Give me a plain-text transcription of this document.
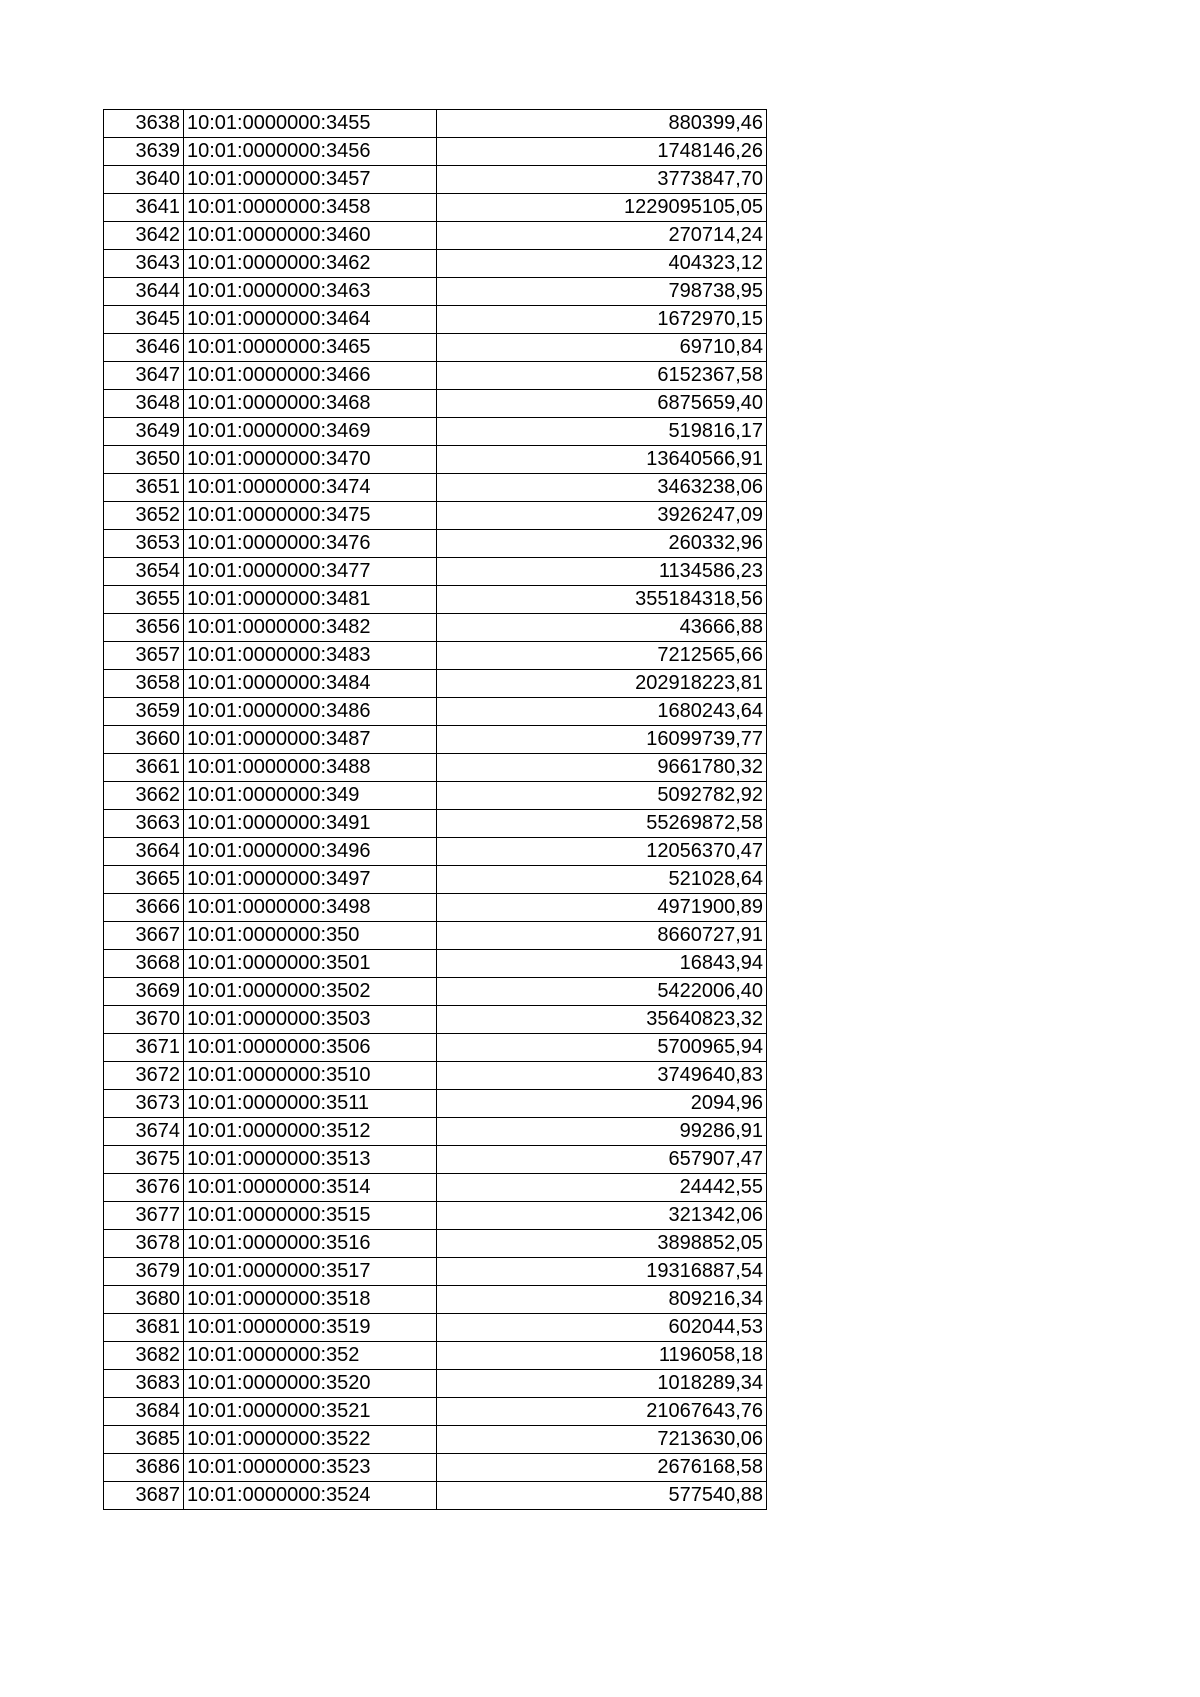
3638	10:01:0000000:3455	880399,46
3639	10:01:0000000:3456	1748146,26
3640	10:01:0000000:3457	3773847,70
3641	10:01:0000000:3458	1229095105,05
3642	10:01:0000000:3460	270714,24
3643	10:01:0000000:3462	404323,12
3644	10:01:0000000:3463	798738,95
3645	10:01:0000000:3464	1672970,15
3646	10:01:0000000:3465	69710,84
3647	10:01:0000000:3466	6152367,58
3648	10:01:0000000:3468	6875659,40
3649	10:01:0000000:3469	519816,17
3650	10:01:0000000:3470	13640566,91
3651	10:01:0000000:3474	3463238,06
3652	10:01:0000000:3475	3926247,09
3653	10:01:0000000:3476	260332,96
3654	10:01:0000000:3477	1134586,23
3655	10:01:0000000:3481	355184318,56
3656	10:01:0000000:3482	43666,88
3657	10:01:0000000:3483	7212565,66
3658	10:01:0000000:3484	202918223,81
3659	10:01:0000000:3486	1680243,64
3660	10:01:0000000:3487	16099739,77
3661	10:01:0000000:3488	9661780,32
3662	10:01:0000000:349	5092782,92
3663	10:01:0000000:3491	55269872,58
3664	10:01:0000000:3496	12056370,47
3665	10:01:0000000:3497	521028,64
3666	10:01:0000000:3498	4971900,89
3667	10:01:0000000:350	8660727,91
3668	10:01:0000000:3501	16843,94
3669	10:01:0000000:3502	5422006,40
3670	10:01:0000000:3503	35640823,32
3671	10:01:0000000:3506	5700965,94
3672	10:01:0000000:3510	3749640,83
3673	10:01:0000000:3511	2094,96
3674	10:01:0000000:3512	99286,91
3675	10:01:0000000:3513	657907,47
3676	10:01:0000000:3514	24442,55
3677	10:01:0000000:3515	321342,06
3678	10:01:0000000:3516	3898852,05
3679	10:01:0000000:3517	19316887,54
3680	10:01:0000000:3518	809216,34
3681	10:01:0000000:3519	602044,53
3682	10:01:0000000:352	1196058,18
3683	10:01:0000000:3520	1018289,34
3684	10:01:0000000:3521	21067643,76
3685	10:01:0000000:3522	7213630,06
3686	10:01:0000000:3523	2676168,58
3687	10:01:0000000:3524	577540,88
